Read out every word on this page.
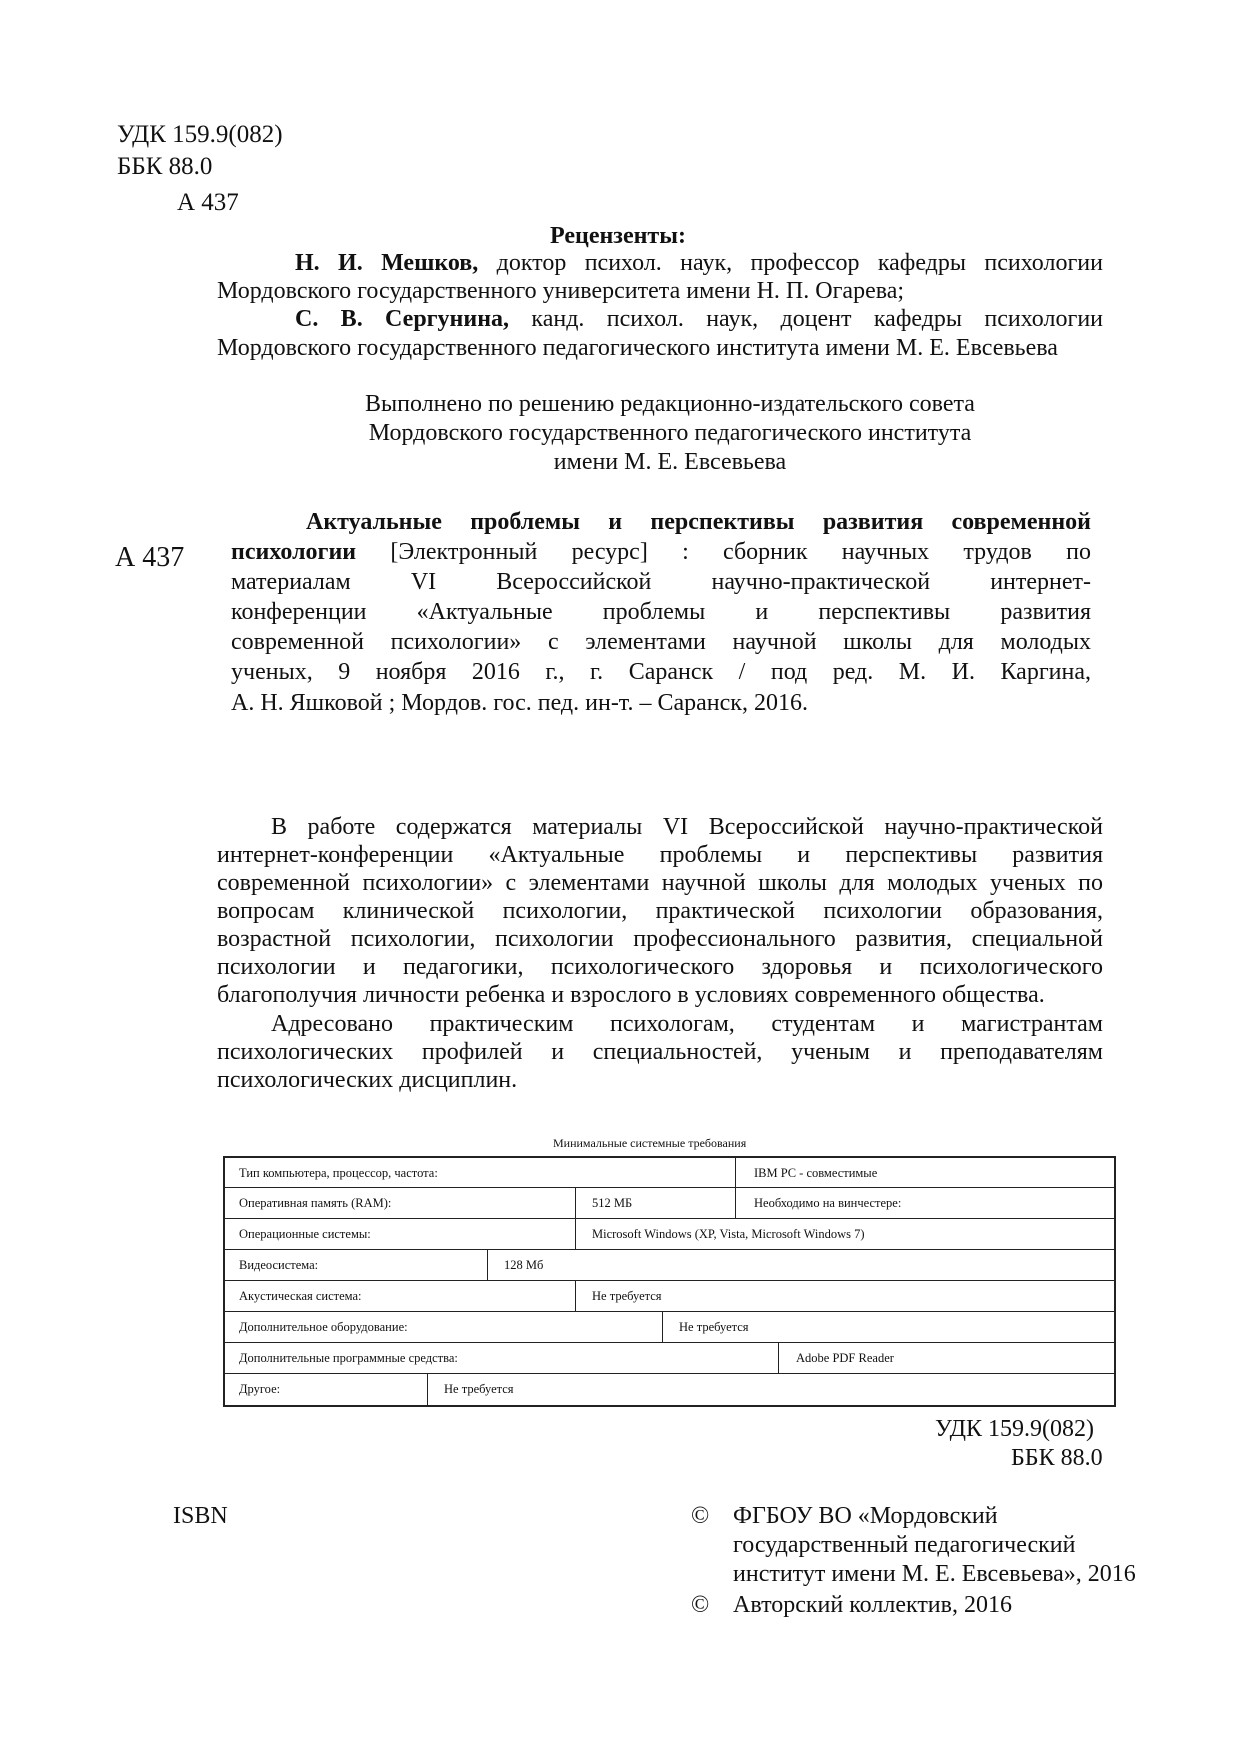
УДК 159.9(082)
ББК 88.0
А 437
Рецензенты:
Н. И. Мешков, доктор психол. наук, профессор кафедры психологии
Мордовского государственного университета имени Н. П. Огарева;
С. В. Сергунина, канд. психол. наук, доцент кафедры психологии
Мордовского государственного педагогического института имени М. Е. Евсевьева
Выполнено по решению редакционно-издательского совета
Мордовского государственного педагогического института
имени М. Е. Евсевьева
А 437
Актуальные проблемы и перспективы развития современной
психологии [Электронный ресурс] : сборник научных трудов по
материалам VI Всероссийской научно-практической интернет-
конференции «Актуальные проблемы и перспективы развития
современной психологии» с элементами научной школы для молодых
ученых, 9 ноября 2016 г., г. Саранск / под ред. М. И. Каргина,
А. Н. Яшковой ; Мордов. гос. пед. ин-т. – Саранск, 2016.
В работе содержатся материалы VI Всероссийской научно-практической
интернет-конференции «Актуальные проблемы и перспективы развития
современной психологии» с элементами научной школы для молодых ученых по
вопросам клинической психологии, практической психологии образования,
возрастной психологии, психологии профессионального развития, специальной
психологии и педагогики, психологического здоровья и психологического
благополучия личности ребенка и взрослого в условиях современного общества.
Адресовано практическим психологам, студентам и магистрантам
психологических профилей и специальностей, ученым и преподавателям
психологических дисциплин.
Минимальные системные требования
Тип компьютера, процессор, частота:	IBM PC - совместимые
Оперативная память (RAM):	512 МБ	Необходимо на винчестере:
Операционные системы:	Microsoft Windows (XP, Vista, Microsoft Windows 7)
Видеосистема:	128 Мб
Акустическая система:	Не требуется
Дополнительное оборудование:	Не требуется
Дополнительные программные средства:	Adobe PDF Reader
Другое:	Не требуется
УДК 159.9(082)
ББК 88.0
ISBN	© ФГБОУ ВО «Мордовский
государственный педагогический
институт имени М. Е. Евсевьева», 2016
© Авторский коллектив, 2016
